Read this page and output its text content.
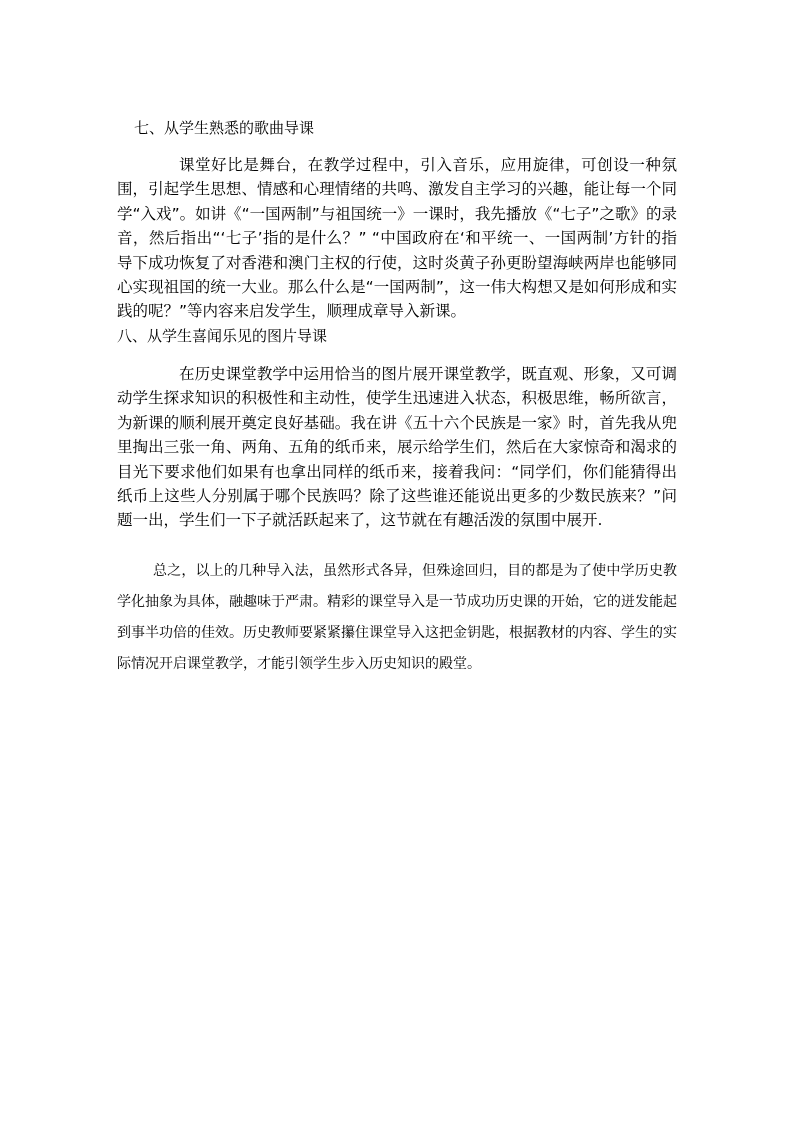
七、从学生熟悉的歌曲导课

课堂好比是舞台，在教学过程中，引入音乐，应用旋律，可创设一种氛围，引起学生思想、情感和心理情绪的共鸣、激发自主学习的兴趣，能让每一个同学“入戏”。如讲《“一国两制”与祖国统一》一课时，我先播放《“七子”之歌》的录音，然后指出“‘七子’指的是什么？” “中国政府在‘和平统一、一国两制’方针的指导下成功恢复了对香港和澳门主权的行使，这时炎黄子孙更盼望海峡两岸也能够同心实现祖国的统一大业。那么什么是“一国两制”，这一伟大构想又是如何形成和实践的呢？”等内容来启发学生，顺理成章导入新课。

八、从学生喜闻乐见的图片导课

在历史课堂教学中运用恰当的图片展开课堂教学，既直观、形象，又可调动学生探求知识的积极性和主动性，使学生迅速进入状态，积极思维，畅所欲言，为新课的顺利展开奠定良好基础。我在讲《五十六个民族是一家》时，首先我从兜里掏出三张一角、两角、五角的纸币来，展示给学生们，然后在大家惊奇和渴求的目光下要求他们如果有也拿出同样的纸币来，接着我问：“同学们，你们能猜得出纸币上这些人分别属于哪个民族吗？除了这些谁还能说出更多的少数民族来？”问题一出，学生们一下子就活跃起来了，这节就在有趣活泼的氛围中展开.

总之，以上的几种导入法，虽然形式各异，但殊途回归，目的都是为了使中学历史教学化抽象为具体，融趣味于严肃。精彩的课堂导入是一节成功历史课的开始，它的迸发能起到事半功倍的佳效。历史教师要紧紧攥住课堂导入这把金钥匙，根据教材的内容、学生的实际情况开启课堂教学，才能引领学生步入历史知识的殿堂。
